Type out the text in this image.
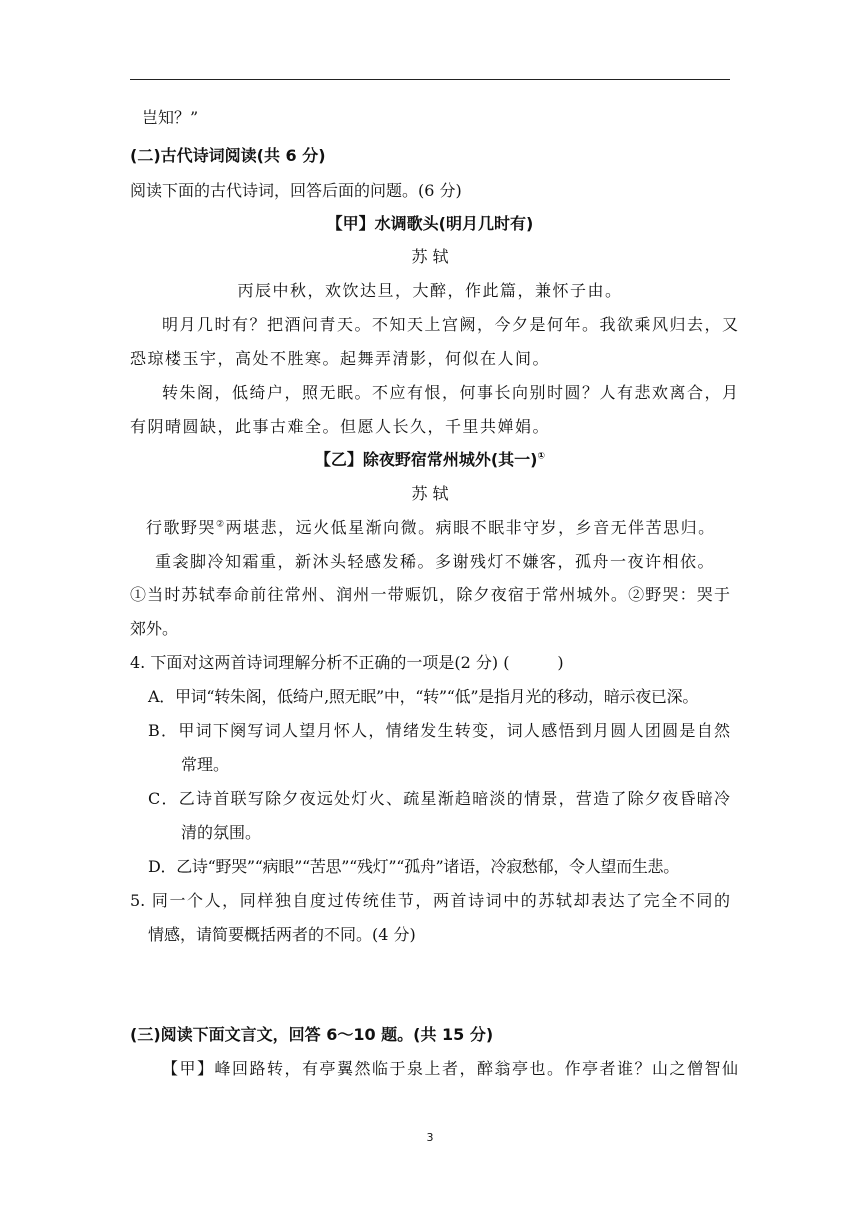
岂知？”
(二)古代诗词阅读(共 6 分)
阅读下面的古代诗词，回答后面的问题。(6 分)
【甲】水调歌头(明月几时有)
苏 轼
丙辰中秋，欢饮达旦，大醉，作此篇，兼怀子由。
明月几时有？把酒问青天。不知天上宫阙，今夕是何年。我欲乘风归去，又
恐琼楼玉宇，高处不胜寒。起舞弄清影，何似在人间。
转朱阁，低绮户，照无眠。不应有恨，何事长向别时圆？人有悲欢离合，月
有阴晴圆缺，此事古难全。但愿人长久，千里共婵娟。
【乙】除夜野宿常州城外(其一)①
苏 轼
行歌野哭②两堪悲，远火低星渐向微。病眼不眠非守岁，乡音无伴苦思归。
重衾脚冷知霜重，新沐头轻感发稀。多谢残灯不嫌客，孤舟一夜许相依。
①当时苏轼奉命前往常州、润州一带赈饥，除夕夜宿于常州城外。②野哭：哭于
郊外。
4. 下面对这两首诗词理解分析不正确的一项是(2 分) (　　　)
A．甲词“转朱阁，低绮户,照无眠”中，“转”“低”是指月光的移动，暗示夜已深。
B．甲词下阕写词人望月怀人，情绪发生转变，词人感悟到月圆人团圆是自然
常理。
C．乙诗首联写除夕夜远处灯火、疏星渐趋暗淡的情景，营造了除夕夜昏暗冷
清的氛围。
D．乙诗“野哭”“病眼”“苦思”“残灯”“孤舟”诸语，冷寂愁郁，令人望而生悲。
5. 同一个人，同样独自度过传统佳节，两首诗词中的苏轼却表达了完全不同的
情感，请简要概括两者的不同。(4 分)
(三)阅读下面文言文，回答 6～10 题。(共 15 分)
【甲】峰回路转，有亭翼然临于泉上者，醉翁亭也。作亭者谁？山之僧智仙
3
